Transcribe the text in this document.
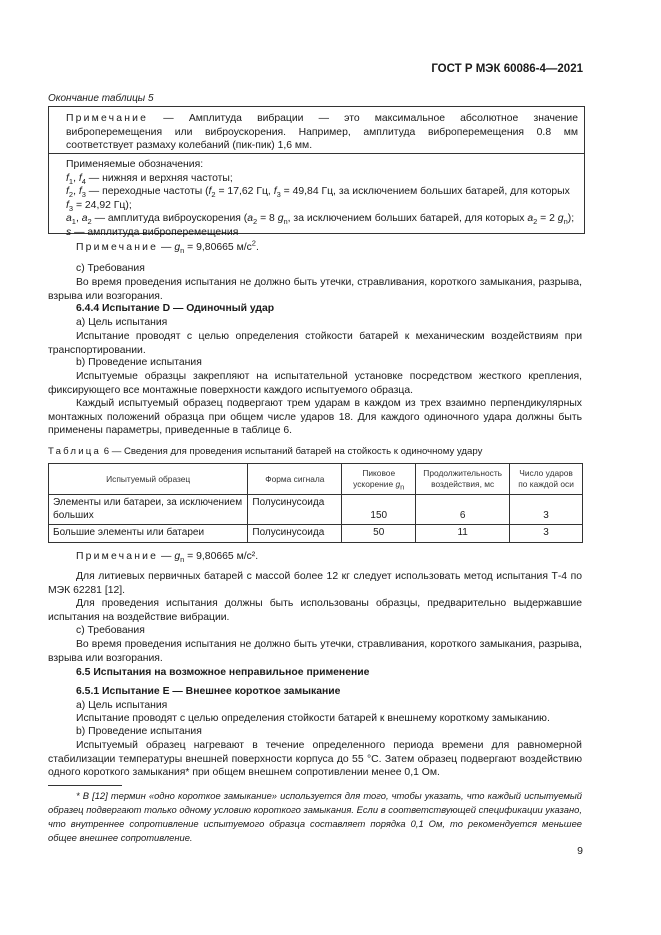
ГОСТ Р МЭК 60086-4—2021
Окончание таблицы 5
Примечание — Амплитуда вибрации — это максимальное абсолютное значение виброперемещения или виброускорения. Например, амплитуда виброперемещения 0.8 мм соответствует размаху колебаний (пик-пик) 1,6 мм.
Применяемые обозначения:
$f_1$, $f_4$ — нижняя и верхняя частоты;
$f_2$, $f_3$ — переходные частоты ($f_2 = 17,62$ Гц, $f_3 = 49,84$ Гц, за исключением больших батарей, для которых $f_3 = 24,92$ Гц);
$a_1$, $a_2$ — амплитуда виброускорения ($a_2 = 8$ $g_n$, за исключением больших батарей, для которых $a_2 = 2$ $g_n$);
s — амплитуда виброперемещения
Примечание — $g_n = 9,80665$ $м/с^2$.
c) Требования
Во время проведения испытания не должно быть утечки, стравливания, короткого замыкания, разрыва, взрыва или возгорания.
6.4.4 Испытание D — Одиночный удар
a) Цель испытания
Испытание проводят с целью определения стойкости батарей к механическим воздействиям при транспортировании.
b) Проведение испытания
Испытуемые образцы закрепляют на испытательной установке посредством жесткого крепления, фиксирующего все монтажные поверхности каждого испытуемого образца.
Каждый испытуемый образец подвергают трем ударам в каждом из трех взаимно перпендикулярных монтажных положений образца при общем числе ударов 18. Для каждого одиночного удара должны быть применены параметры, приведенные в таблице 6.
Таблица 6 — Сведения для проведения испытаний батарей на стойкость к одиночному удару
Испытуемый образец	Форма сигнала	Пиковое ускорение $g_n$	Продолжительность воздействия, мс	Число ударов по каждой оси
Элементы или батареи, за исключением больших	Полусинусоида	150	6	3
Большие элементы или батареи	Полусинусоида	50	11	3
Примечание — $g_n = 9,80665$ м/с².
Для литиевых первичных батарей с массой более 12 кг следует использовать метод испытания Т-4 по МЭК 62281 [12].
Для проведения испытания должны быть использованы образцы, предварительно выдержавшие испытания на воздействие вибрации.
c) Требования
Во время проведения испытания не должно быть утечки, стравливания, короткого замыкания, разрыва, взрыва или возгорания.
6.5 Испытания на возможное неправильное применение
6.5.1 Испытание Е — Внешнее короткое замыкание
a) Цель испытания
Испытание проводят с целью определения стойкости батарей к внешнему короткому замыканию.
b) Проведение испытания
Испытуемый образец нагревают в течение определенного периода времени для равномерной стабилизации температуры внешней поверхности корпуса до 55 °С. Затем образец подвергают воздействию одного короткого замыкания* при общем внешнем сопротивлении менее 0,1 Ом.
* В [12] термин «одно короткое замыкание» используется для того, чтобы указать, что каждый испытуемый образец подвергают только одному условию короткого замыкания. Если в соответствующей спецификации указано, что внутреннее сопротивление испытуемого образца составляет порядка 0,1 Ом, то рекомендуется меньшее общее внешнее сопротивление.
9
